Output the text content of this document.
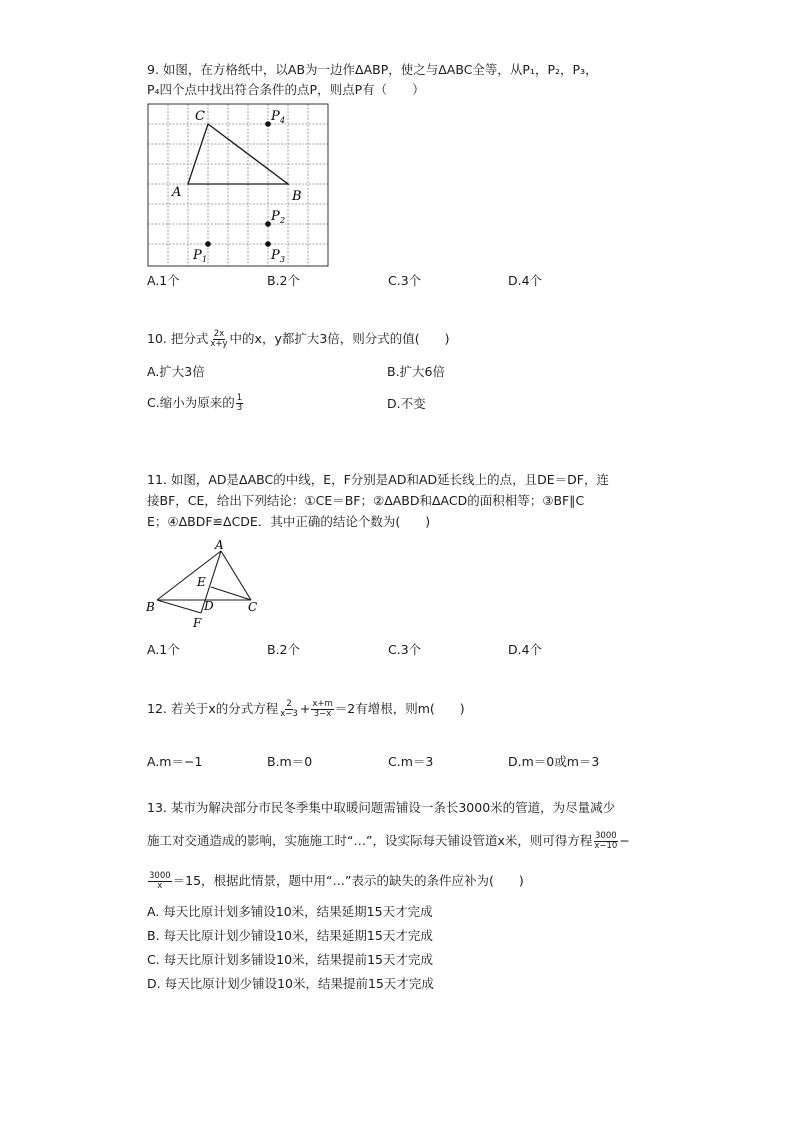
9. 如图，在方格纸中，以AB为一边作ΔABP，使之与ΔABC全等，从P₁，P₂，P₃，
P₄四个点中找出符合条件的点P，则点P有（　　）
C
A	B
P 4
P 2
P 3
P 1
A.1个	B.2个	C.3个	D.4个
10. 把分式 $\frac{2x}{x+y}$ 中的x，y都扩大3倍，则分式的值(　　)
A.扩大3倍	B.扩大6倍
C.缩小为原来的 $\frac{1}{3}$	D.不变
11. 如图，AD是ΔABC的中线，E，F分别是AD和AD延长线上的点，且DE＝DF，连
接BF，CE，给出下列结论：①CE＝BF；②ΔABD和ΔACD的面积相等；③BF∥C
E；④ΔBDF≌ΔCDE．其中正确的结论个数为(　　)
A
B	C
D
E
F
A.1个	B.2个	C.3个	D.4个
12. 若关于x的分式方程 $\frac{2}{x-3} + \frac{x+m}{3-x} =2$有增根，则m(　　)
A.m＝−1	B.m＝0	C.m＝3	D.m＝0或m＝3
13. 某市为解决部分市民冬季集中取暖问题需铺设一条长3000米的管道，为尽量减少
施工对交通造成的影响，实施施工时“…”，设实际每天铺设管道x米，则可得方程 $\frac{3000}{x-10}$ −
$\frac{3000}{x} =15$，根据此情景，题中用“…”表示的缺失的条件应补为(　　)
A. 每天比原计划多铺设10米，结果延期15天才完成
B. 每天比原计划少铺设10米，结果延期15天才完成
C. 每天比原计划多铺设10米，结果提前15天才完成
D. 每天比原计划少铺设10米，结果提前15天才完成
